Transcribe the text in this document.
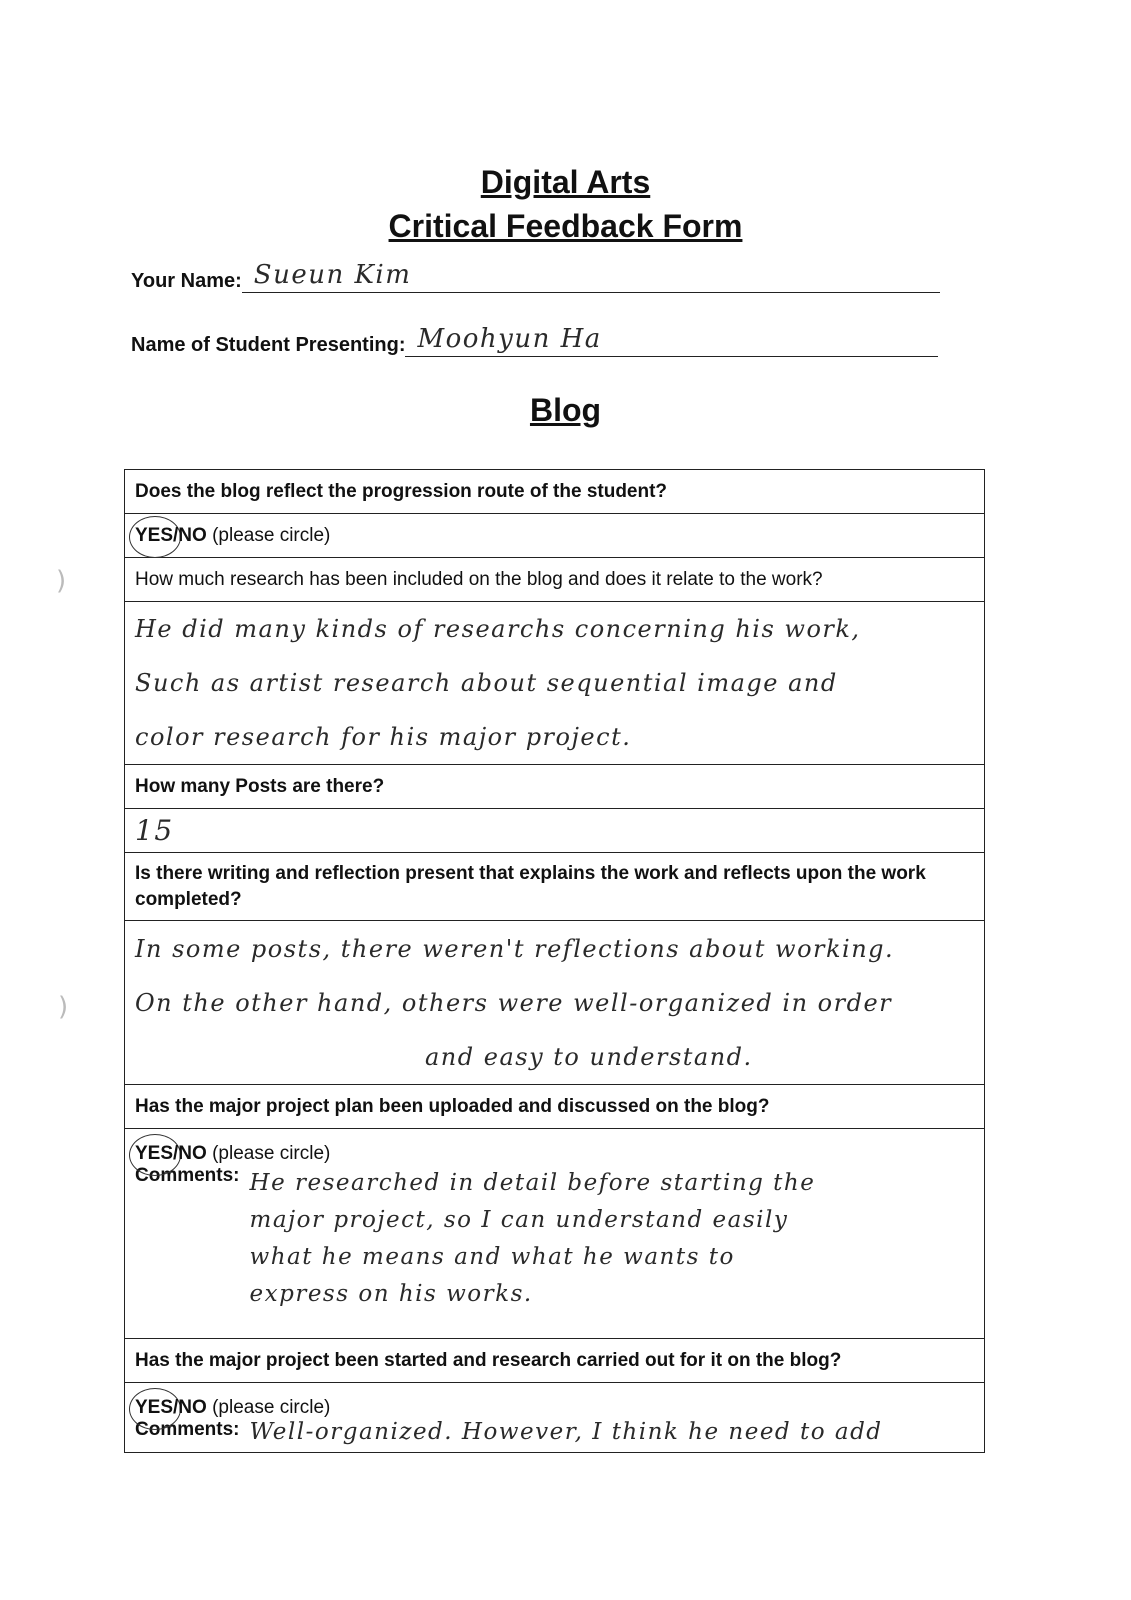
)
)
Digital Arts
Critical Feedback Form
Your Name: Sueun Kim
Name of Student Presenting: Moohyun Ha
Blog
Does the blog reflect the progression route of the student?

YES/NO (please circle)
How much research has been included on the blog and does it relate to the work?

He did many kinds of researchs concerning his work,
Such as artist research about sequential image and
color research for his major project.

How many Posts are there?
15
Is there writing and reflection present that explains the work and reflects upon the work completed?

In some posts, there weren't reflections about working.
On the other hand, others were well-organized in order
and easy to understand.

Has the major project plan been uploaded and discussed on the blog?

YES/NO (please circle)
Comments: He researched in detail before starting the
major project, so I can understand easily
what he means and what he wants to
express on his works.

Has the major project been started and research carried out for it on the blog?

YES/NO (please circle)
Comments: Well-organized. However, I think he need to add
